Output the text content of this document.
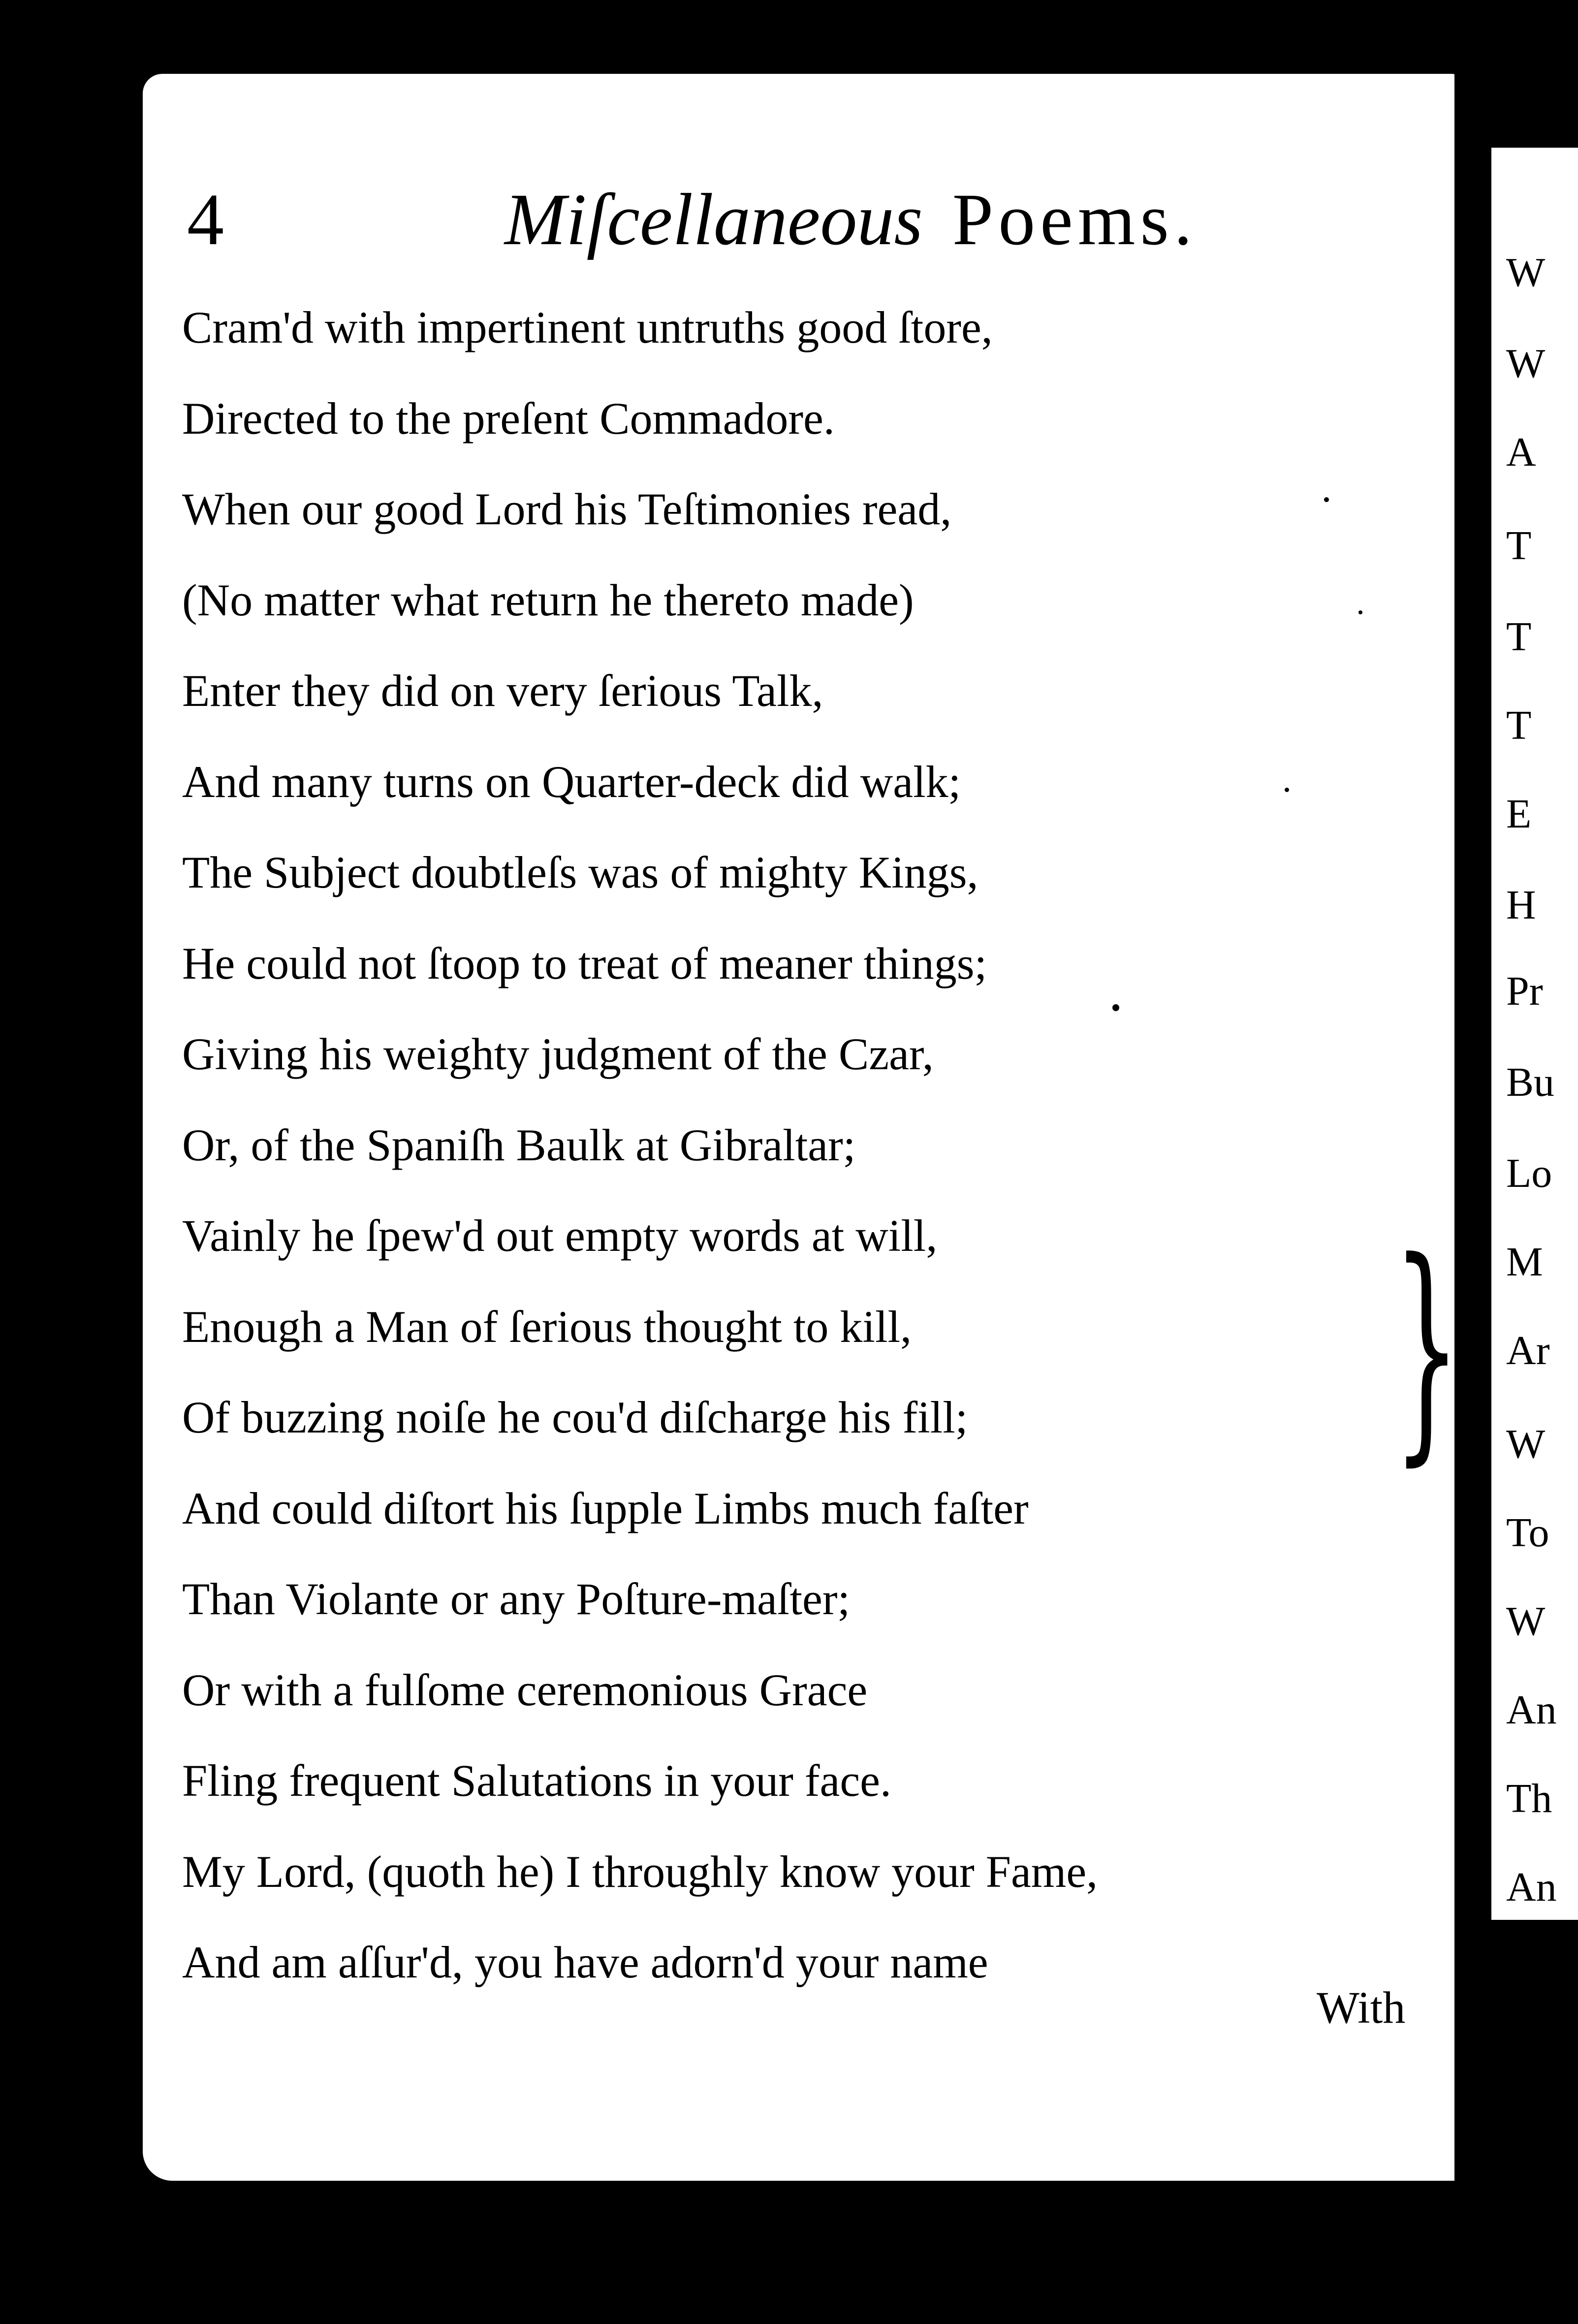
W
W
A
T
T
T
E
H
Pr
Bu
Lo
M
Ar
W
To
W
An
Th
An
4	Miſcellaneous Poems.
Cram'd with impertinent untruths good ſtore,
Directed to the preſent Commadore.
When our good Lord his Teſtimonies read,
(No matter what return he thereto made)
Enter they did on very ſerious Talk,
And many turns on Quarter-deck did walk;
The Subject doubtleſs was of mighty Kings,
He could not ſtoop to treat of meaner things;
Giving his weighty judgment of the Czar,
Or, of the Spaniſh Baulk at Gibraltar;
Vainly he ſpew'd out empty words at will,
Enough a Man of ſerious thought to kill,
Of buzzing noiſe he cou'd diſcharge his fill;
And could diſtort his ſupple Limbs much faſter
Than Violante or any Poſture-maſter;
Or with a fulſome ceremonious Grace
Fling frequent Salutations in your face.
My Lord, (quoth he) I throughly know your Fame,
And am aſſur'd, you have adorn'd your name
}
With
